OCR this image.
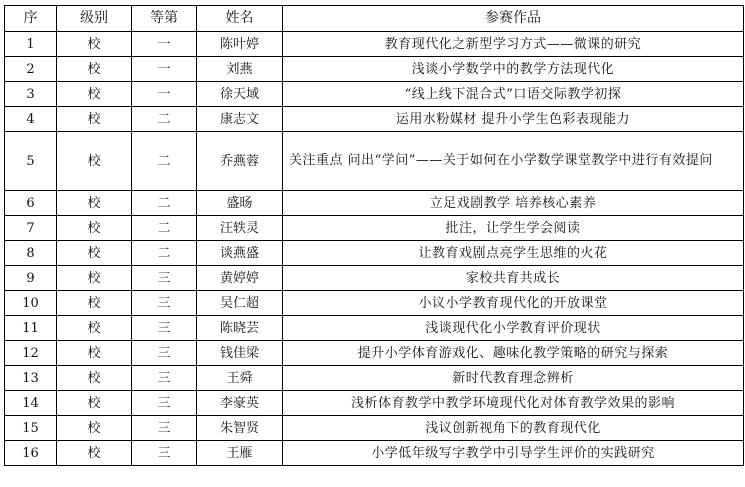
序	级别	等第	姓名	参赛作品
1	校	一	陈叶婷	教育现代化之新型学习方式——微课的研究
2	校	一	刘燕	浅谈小学数学中的教学方法现代化
3	校	一	徐天域	“线上线下混合式”口语交际教学初探
4	校	二	康志文	运用水粉媒材 提升小学生色彩表现能力
5	校	二	乔燕蓉	关注重点 问出“学问”——关于如何在小学数学课堂教学中进行有效提问
6	校	二	盛旸	立足戏剧教学 培养核心素养
7	校	二	汪轶灵	批注，让学生学会阅读
8	校	二	谈燕盛	让教育戏剧点亮学生思维的火花
9	校	三	黄婷婷	家校共育共成长
10	校	三	吴仁超	小议小学教育现代化的开放课堂
11	校	三	陈晓芸	浅谈现代化小学教育评价现状
12	校	三	钱佳梁	提升小学体育游戏化、趣味化教学策略的研究与探索
13	校	三	王舜	新时代教育理念辨析
14	校	三	李豪英	浅析体育教学中教学环境现代化对体育教学效果的影响
15	校	三	朱智贤	浅议创新视角下的教育现代化
16	校	三	王雁	小学低年级写字教学中引导学生评价的实践研究
